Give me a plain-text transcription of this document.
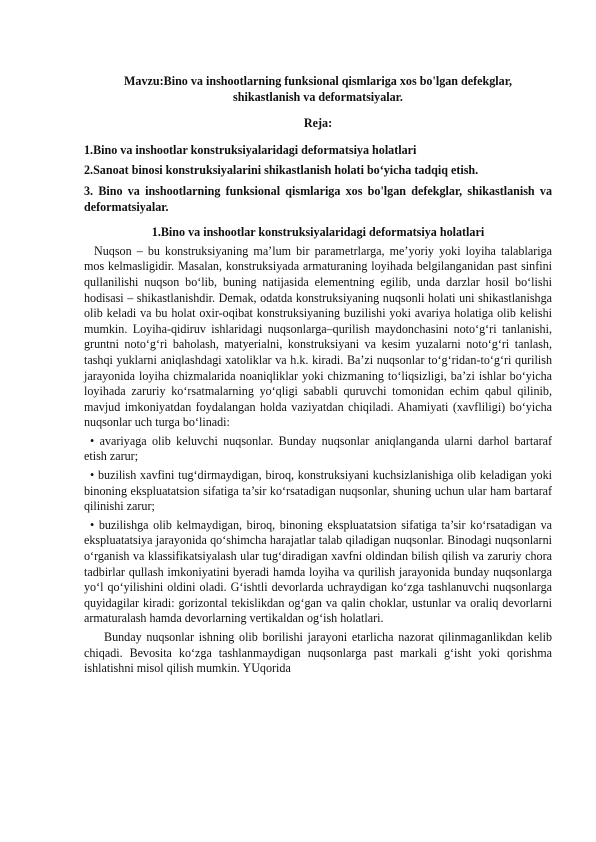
Mavzu:Bino va inshootlarning funksional qismlariga xos bo'lgan defekglar,
shikastlanish va deformatsiyalar.
Reja:
1.Bino va inshootlar konstruksiyalaridagi deformatsiya holatlari
2.Sanoat binosi konstruksiyalarini shikastlanish holati bo‘yicha tadqiq etish.
3. Bino va inshootlarning funksional qismlariga xos bo'lgan defekglar, shikastlanish va deformatsiyalar.
1.Bino va inshootlar konstruksiyalaridagi deformatsiya holatlari

Nuqson – bu konstruksiyaning ma’lum bir parametrlarga, me’yoriy yoki loyiha talablariga mos kelmasligidir. Masalan, konstruksiyada armaturaning loyihada belgilanganidan past sinfini qullanilishi nuqson bo‘lib, buning natijasida elementning egilib, unda darzlar hosil bo‘lishi hodisasi – shikastlanishdir. Demak, odatda konstruksiyaning nuqsonli holati uni shikastlanishga olib keladi va bu holat oxir-oqibat konstruksiyaning buzilishi yoki avariya holatiga olib kelishi mumkin. Loyiha-qidiruv ishlaridagi nuqsonlarga–qurilish maydonchasini noto‘g‘ri tanlanishi, gruntni noto‘g‘ri baholash, matyerialni, konstruksiyani va kesim yuzalarni noto‘g‘ri tanlash, tashqi yuklarni aniqlashdagi xatoliklar va h.k. kiradi. Ba’zi nuqsonlar to‘g‘ridan-to‘g‘ri qurilish jarayonida loyiha chizmalarida noaniqliklar yoki chizmaning to‘liqsizligi, ba’zi ishlar bo‘yicha loyihada zaruriy ko‘rsatmalarning yo‘qligi sababli quruvchi tomonidan echim qabul qilinib, mavjud imkoniyatdan foydalangan holda vaziyatdan chiqiladi. Ahamiyati (xavfliligi) bo‘yicha nuqsonlar uch turga bo‘linadi:

• avariyaga olib keluvchi nuqsonlar. Bunday nuqsonlar aniqlanganda ularni darhol bartaraf etish zarur;

• buzilish xavfini tug‘dirmaydigan, biroq, konstruksiyani kuchsizlanishiga olib keladigan yoki binoning ekspluatatsion sifatiga ta’sir ko‘rsatadigan nuqsonlar, shuning uchun ular ham bartaraf qilinishi zarur;

• buzilishga olib kelmaydigan, biroq, binoning ekspluatatsion sifatiga ta’sir ko‘rsatadigan va ekspluatatsiya jarayonida qo‘shimcha harajatlar talab qiladigan nuqsonlar. Binodagi nuqsonlarni o‘rganish va klassifikatsiyalash ular tug‘diradigan xavfni oldindan bilish qilish va zaruriy chora tadbirlar qullash imkoniyatini byeradi hamda loyiha va qurilish jarayonida bunday nuqsonlarga yo‘l qo‘yilishini oldini oladi. G‘ishtli devorlarda uchraydigan ko‘zga tashlanuvchi nuqsonlarga quyidagilar kiradi: gorizontal tekislikdan og‘gan va qalin choklar, ustunlar va oraliq devorlarni armaturalash hamda devorlarning vertikaldan og‘ish holatlari.

Bunday nuqsonlar ishning olib borilishi jarayoni etarlicha nazorat qilinmaganlikdan kelib chiqadi. Bevosita ko‘zga tashlanmaydigan nuqsonlarga past markali g‘isht yoki qorishma ishlatishni misol qilish mumkin. YUqorida
